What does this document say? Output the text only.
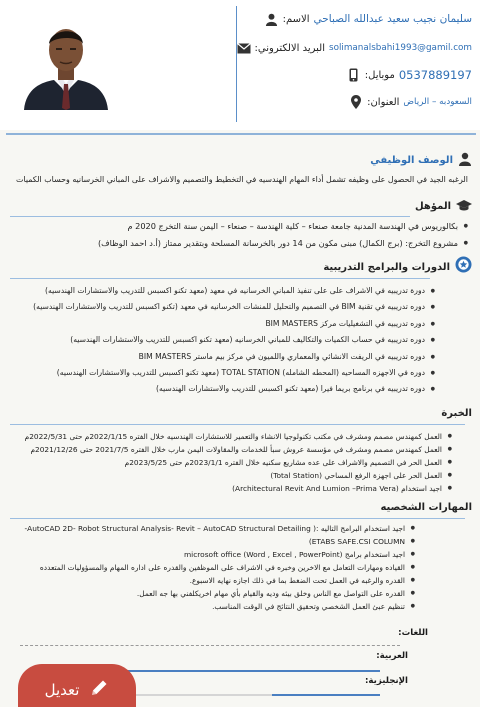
الاسم: سليمان نجيب سعيد عبدالله الصباحي
البريد الالكتروني: solimanalsbahi1993@gamil.com
موبايل: 0537889197
العنوان: السعودبه – الرياض
الوصف الوظيفي
الرغبه الجيد في الحصول على وظيفه تشمل أداء المهام الهندسيه في التخطيط والتصميم والاشراف على المباني الخرسانيه وحساب الكميات
المؤهل
● بكالوريوس في الهندسة المدنية جامعة صنعاء – كلية الهندسة – صنعاء – اليمن سنة التخرج 2020 م
● مشروع التخرج: (برج الكمال) مبنى مكون من 14 دور بالخرسانة المسلحة وبتقدير ممتاز (أ.د احمد الوظاف)
الدورات والبرامج التدريبية
● دورة تدريبيه في الاشراف على على تنفيذ المباني الخرسانيه في معهد (معهد تكنو اكسبس للتدريب والاستشارات الهندسيه)
● دوره تدريبيه في تقنية BIM في التصميم والتحليل للمنشات الخرسانيه في معهد (تكنو اكسبس للتدريب والاستشارات الهندسيه)
● دوره تدريبيه في التشغيليات مركز BIM MASTERS
● دوره تدريبيه في حساب الكميات والتكاليف للمباني الخرسانيه (معهد تكنو اكسبس للتدريب والاستشارات الهندسيه)
● دوره تدريبيه في الريفت الانشائي والمعماري واللميون في مركز بيم ماستر BIM MASTERS
● دوره في الاجهزه المساحيه (المحطه الشامله) TOTAL STATION (معهد تكنو اكسبس للتدريب والاستشارات الهندسيه)
● دوره تدريبيه في برنامج بريما فيرا (معهد تكنو اكسبس للتدريب والاستشارات الهندسيه)
الخبرة
● العمل كمهندس مصمم ومشرف في مكتب تكنولوجيا الانشاء والتعمير للاستشارات الهندسيه خلال الفتره 2022/1/15م حتى 2022/5/31م
● العمل كمهندس مصمم ومشرف في مؤسسة عروش سبأ للخدمات والمقاولات اليمن مارب خلال الفتره 2021/7/5 حتى 2021/12/26م
● العمل الحر في التصميم والاشراف على عده مشاريع سكنيه خلال الفتره 2023/1/1م حتى 2023/5/25م
● العمل الحر على اجهزة الرفع المساحي (Total Station)
● اجيد استخدام (Architectural Revit And Lumion –Prima Vera)
المهارات الشخصيه
● اجيد استخدام البرامج التاليه :( AutoCAD 2D- Robot Structural Analysis- Revit – AutoCAD Structural Detailing-
● ETABS SAFE.CSI COLUMN)
● اجيد استخدام برامج microsoft office (Word , Excel , PowerPoint)
● القياده ومهارات التعامل مع الاخرين وخبره في الاشراف على الموظفين والقدره على اداره المهام والمسؤوليات المتعدده
● القدره والرغبه في العمل تحت الضغط بما في ذلك اجازه نهايه الاسبوع.
● القدره على التواصل مع الناس وخلق بيئه وديه والقيام بأي مهام اخريكلفني بها جه العمل.
● تنظيم عبئ العمل الشخصي وتحقيق النتائج في الوقت المناسب.
اللغات:
العربية:
الإنجليزية:
تعديل
